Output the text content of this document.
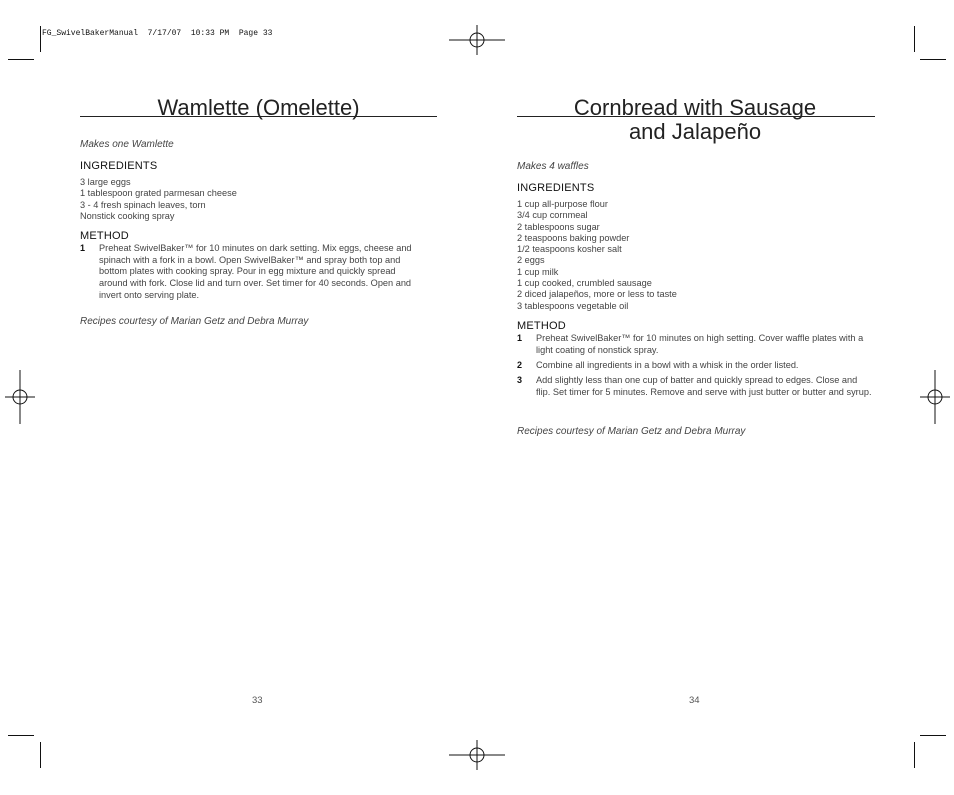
FG_SwivelBakerManual  7/17/07  10:33 PM  Page 33
Wamlette (Omelette)

Makes one Wamlette

INGREDIENTS

3 large eggs
1 tablespoon grated parmesan cheese
3 - 4 fresh spinach leaves, torn
Nonstick cooking spray

METHOD

1 Preheat SwivelBaker™ for 10 minutes on dark setting. Mix eggs, cheese and spinach with a fork in a bowl. Open SwivelBaker™ and spray both top and bottom plates with cooking spray. Pour in egg mixture and quickly spread around with fork. Close lid and turn over. Set timer for 40 seconds. Open and invert onto serving plate.

Recipes courtesy of Marian Getz and Debra Murray

33
Cornbread with Sausage
and Jalapeño

Makes 4 waffles

INGREDIENTS

1 cup all-purpose flour
3/4 cup cornmeal
2 tablespoons sugar
2 teaspoons baking powder
1/2 teaspoons kosher salt
2 eggs
1 cup milk
1 cup cooked, crumbled sausage
2 diced jalapeños, more or less to taste
3 tablespoons vegetable oil

METHOD

1 Preheat SwivelBaker™ for 10 minutes on high setting. Cover waffle plates with a light coating of nonstick spray.
2 Combine all ingredients in a bowl with a whisk in the order listed.
3 Add slightly less than one cup of batter and quickly spread to edges. Close and flip. Set timer for 5 minutes. Remove and serve with just butter or butter and syrup.

Recipes courtesy of Marian Getz and Debra Murray

34
